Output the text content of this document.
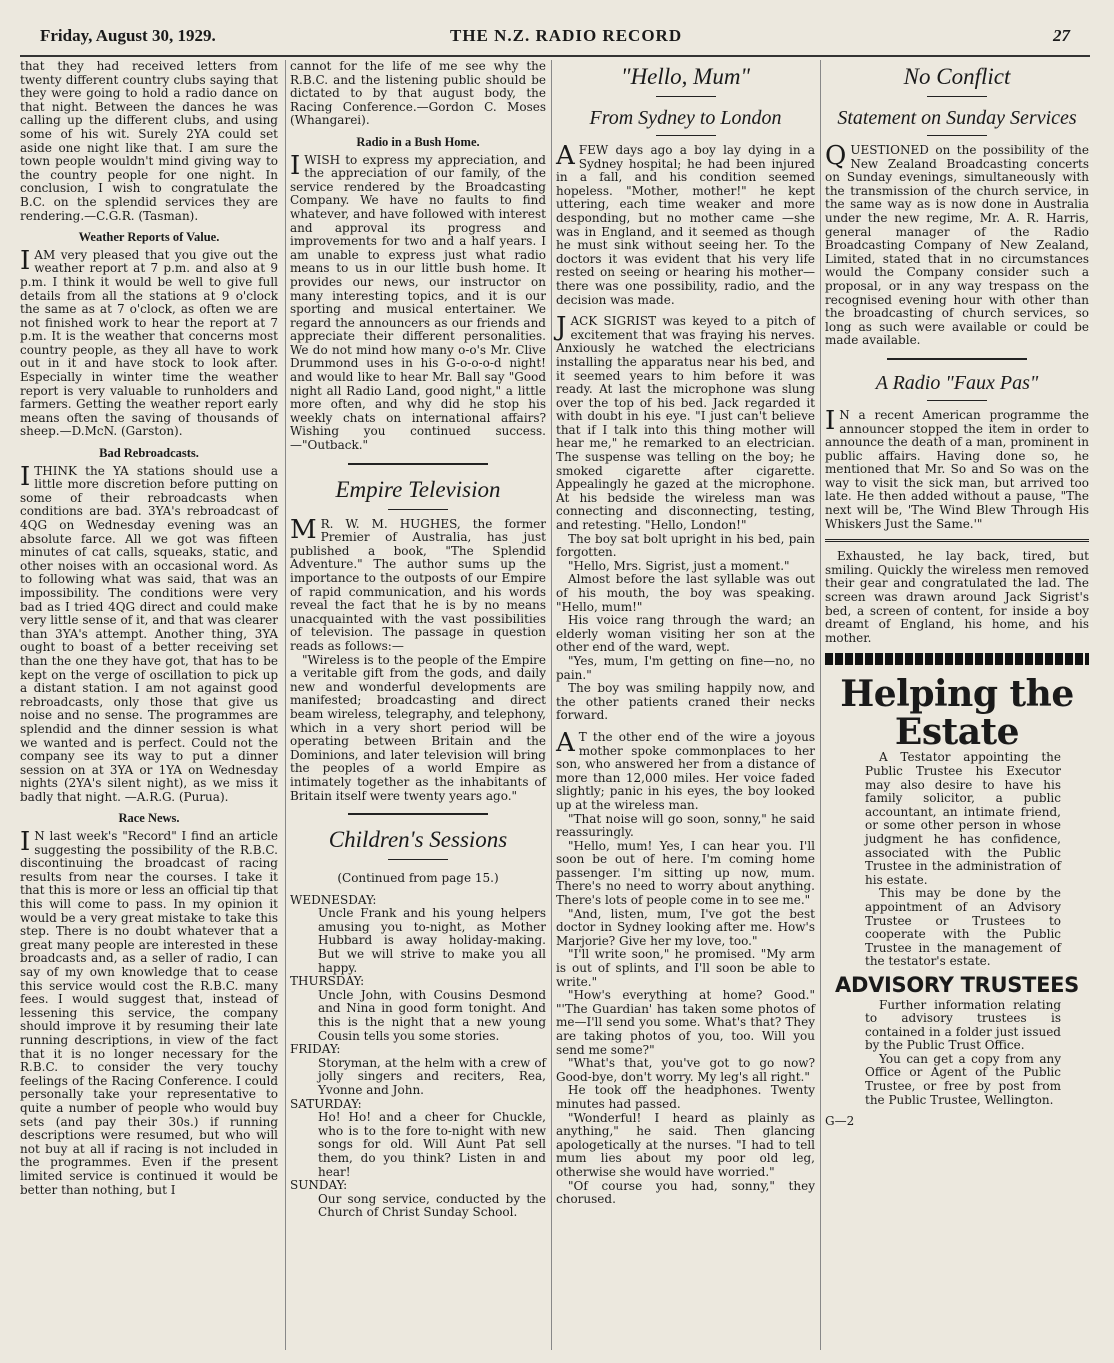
Friday, August 30, 1929.	THE N.Z. RADIO RECORD	27

that they had received letters from twenty different country clubs saying that they were going to hold a radio dance on that night. Between the dances he was calling up the different clubs, and using some of his wit. Surely 2YA could set aside one night like that. I am sure the town people wouldn't mind giving way to the country people for one night. In conclusion, I wish to congratulate the B.C. on the splendid services they are rendering.—C.G.R. (Tasman).

Weather Reports of Value.

IAM very pleased that you give out the weather report at 7 p.m. and also at 9 p.m. I think it would be well to give full details from all the stations at 9 o'clock the same as at 7 o'clock, as often we are not finished work to hear the report at 7 p.m. It is the weather that concerns most country people, as they all have to work out in it and have stock to look after. Especially in winter time the weather report is very valuable to runholders and farmers. Getting the weather report early means often the saving of thousands of sheep.—D.McN. (Garston).

Bad Rebroadcasts.

ITHINK the YA stations should use a little more discretion before putting on some of their rebroadcasts when conditions are bad. 3YA's rebroadcast of 4QG on Wednesday evening was an absolute farce. All we got was fifteen minutes of cat calls, squeaks, static, and other noises with an occasional word. As to following what was said, that was an impossibility. The conditions were very bad as I tried 4QG direct and could make very little sense of it, and that was clearer than 3YA's attempt. Another thing, 3YA ought to boast of a better receiving set than the one they have got, that has to be kept on the verge of oscillation to pick up a distant station. I am not against good rebroadcasts, only those that give us noise and no sense. The programmes are splendid and the dinner session is what we wanted and is perfect. Could not the company see its way to put a dinner session on at 3YA or 1YA on Wednesday nights (2YA's silent night), as we miss it badly that night. —A.R.G. (Purua).

Race News.

IN last week's "Record" I find an article suggesting the possibility of the R.B.C. discontinuing the broadcast of racing results from near the courses. I take it that this is more or less an official tip that this will come to pass. In my opinion it would be a very great mistake to take this step. There is no doubt whatever that a great many people are interested in these broadcasts and, as a seller of radio, I can say of my own knowledge that to cease this service would cost the R.B.C. many fees. I would suggest that, instead of lessening this service, the company should improve it by resuming their late running descriptions, in view of the fact that it is no longer necessary for the R.B.C. to consider the very touchy feelings of the Racing Conference. I could personally take your representative to quite a number of people who would buy sets (and pay their 30s.) if running descriptions were resumed, but who will not buy at all if racing is not included in the programmes. Even if the present limited service is continued it would be better than nothing, but I

cannot for the life of me see why the R.B.C. and the listening public should be dictated to by that august body, the Racing Conference.—Gordon C. Moses (Whangarei).

Radio in a Bush Home.

IWISH to express my appreciation, and the appreciation of our family, of the service rendered by the Broadcasting Company. We have no faults to find whatever, and have followed with interest and approval its progress and improvements for two and a half years. I am unable to express just what radio means to us in our little bush home. It provides our news, our instructor on many interesting topics, and it is our sporting and musical entertainer. We regard the announcers as our friends and appreciate their different personalities. We do not mind how many o-o's Mr. Clive Drummond uses in his G-o-o-o-d night! and would like to hear Mr. Ball say "Good night all Radio Land, good night," a little more often, and why did he stop his weekly chats on international affairs? Wishing you continued success. —"Outback."

Empire Television

MR. W. M. HUGHES, the former Premier of Australia, has just published a book, "The Splendid Adventure." The author sums up the importance to the outposts of our Empire of rapid communication, and his words reveal the fact that he is by no means unacquainted with the vast possibilities of television. The passage in question reads as follows:—

"Wireless is to the people of the Empire a veritable gift from the gods, and daily new and wonderful developments are manifested; broadcasting and direct beam wireless, telegraphy, and telephony, which in a very short period will be operating between Britain and the Dominions, and later television will bring the peoples of a world Empire as intimately together as the inhabitants of Britain itself were twenty years ago."

Children's Sessions
(Continued from page 15.)

WEDNESDAY:

Uncle Frank and his young helpers amusing you to-night, as Mother Hubbard is away holiday-making. But we will strive to make you all happy.

THURSDAY:

Uncle John, with Cousins Desmond and Nina in good form tonight. And this is the night that a new young Cousin tells you some stories.

FRIDAY:

Storyman, at the helm with a crew of jolly singers and reciters, Rea, Yvonne and John.

SATURDAY:

Ho! Ho! and a cheer for Chuckle, who is to the fore to-night with new songs for old. Will Aunt Pat sell them, do you think? Listen in and hear!

SUNDAY:

Our song service, conducted by the Church of Christ Sunday School.

"Hello, Mum"
From Sydney to London

AFEW days ago a boy lay dying in a Sydney hospital; he had been injured in a fall, and his condition seemed hopeless. "Mother, mother!" he kept uttering, each time weaker and more desponding, but no mother came —she was in England, and it seemed as though he must sink without seeing her. To the doctors it was evident that his very life rested on seeing or hearing his mother—there was one possibility, radio, and the decision was made.

JACK SIGRIST was keyed to a pitch of excitement that was fraying his nerves. Anxiously he watched the electricians installing the apparatus near his bed, and it seemed years to him before it was ready. At last the microphone was slung over the top of his bed. Jack regarded it with doubt in his eye. "I just can't believe that if I talk into this thing mother will hear me," he remarked to an electrician. The suspense was telling on the boy; he smoked cigarette after cigarette. Appealingly he gazed at the microphone. At his bedside the wireless man was connecting and disconnecting, testing, and retesting. "Hello, London!"

The boy sat bolt upright in his bed, pain forgotten.

"Hello, Mrs. Sigrist, just a moment."

Almost before the last syllable was out of his mouth, the boy was speaking. "Hello, mum!"

His voice rang through the ward; an elderly woman visiting her son at the other end of the ward, wept.

"Yes, mum, I'm getting on fine—no, no pain."

The boy was smiling happily now, and the other patients craned their necks forward.

AT the other end of the wire a joyous mother spoke commonplaces to her son, who answered her from a distance of more than 12,000 miles. Her voice faded slightly; panic in his eyes, the boy looked up at the wireless man.

"That noise will go soon, sonny," he said reassuringly.

"Hello, mum! Yes, I can hear you. I'll soon be out of here. I'm coming home passenger. I'm sitting up now, mum. There's no need to worry about anything. There's lots of people come in to see me."

"And, listen, mum, I've got the best doctor in Sydney looking after me. How's Marjorie? Give her my love, too."

"I'll write soon," he promised. "My arm is out of splints, and I'll soon be able to write."

"How's everything at home? Good." "'The Guardian' has taken some photos of me—I'll send you some. What's that? They are taking photos of you, too. Will you send me some?"

"What's that, you've got to go now? Good-bye, don't worry. My leg's all right."

He took off the headphones. Twenty minutes had passed.

"Wonderful! I heard as plainly as anything," he said. Then glancing apologetically at the nurses. "I had to tell mum lies about my poor old leg, otherwise she would have worried."

"Of course you had, sonny," they chorused.

No Conflict
Statement on Sunday Services

QUESTIONED on the possibility of the New Zealand Broadcasting concerts on Sunday evenings, simultaneously with the transmission of the church service, in the same way as is now done in Australia under the new regime, Mr. A. R. Harris, general manager of the Radio Broadcasting Company of New Zealand, Limited, stated that in no circumstances would the Company consider such a proposal, or in any way trespass on the recognised evening hour with other than the broadcasting of church services, so long as such were available or could be made available.

A Radio "Faux Pas"

IN a recent American programme the announcer stopped the item in order to announce the death of a man, prominent in public affairs. Having done so, he mentioned that Mr. So and So was on the way to visit the sick man, but arrived too late. He then added without a pause, "The next will be, 'The Wind Blew Through His Whiskers Just the Same.'"

Exhausted, he lay back, tired, but smiling. Quickly the wireless men removed their gear and congratulated the lad. The screen was drawn around Jack Sigrist's bed, a screen of content, for inside a boy dreamt of England, his home, and his mother.

Helping the Estate

A Testator appointing the Public Trustee his Executor may also desire to have his family solicitor, a public accountant, an intimate friend, or some other person in whose judgment he has confidence, associated with the Public Trustee in the administration of his estate.

This may be done by the appointment of an Advisory Trustee or Trustees to cooperate with the Public Trustee in the management of the testator's estate.

ADVISORY TRUSTEES

Further information relating to advisory trustees is contained in a folder just issued by the Public Trust Office.

You can get a copy from any Office or Agent of the Public Trustee, or free by post from the Public Trustee, Wellington.

G—2
